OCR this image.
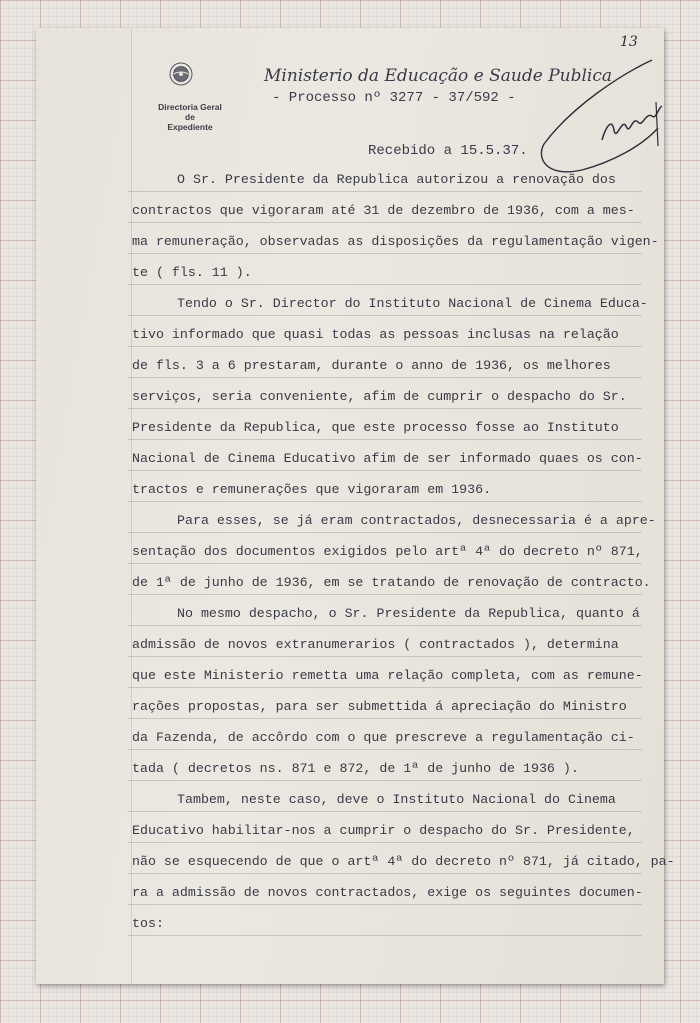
Directoria Geral
de
Expediente
Ministerio da Educação e Saude Publica
- Processo nº 3277 - 37/592 -
13
Recebido a 15.5.37.
O Sr. Presidente da Republica autorizou a renovação dos
contractos que vigoraram até 31 de dezembro de 1936, com a mes-
ma remuneração, observadas as disposições da regulamentação vigen-
te ( fls. 11 ).
Tendo o Sr. Director do Instituto Nacional de Cinema Educa-
tivo informado que quasi todas as pessoas inclusas na relação
de fls. 3 a 6 prestaram, durante o anno de 1936, os melhores
serviços, seria conveniente, afim de cumprir o despacho do Sr.
Presidente da Republica, que este processo fosse ao Instituto
Nacional de Cinema Educativo afim de ser informado quaes os con-
tractos e remunerações que vigoraram em 1936.
Para esses, se já eram contractados, desnecessaria é a apre-
sentação dos documentos exigidos pelo artª 4ª do decreto nº 871,
de 1ª de junho de 1936, em se tratando de renovação de contracto.
No mesmo despacho, o Sr. Presidente da Republica, quanto á
admissão de novos extranumerarios ( contractados ), determina
que este Ministerio remetta uma relação completa, com as remune-
rações propostas, para ser submettida á apreciação do Ministro
da Fazenda, de accôrdo com o que prescreve a regulamentação ci-
tada ( decretos ns. 871 e 872, de 1ª de junho de 1936 ).
Tambem, neste caso, deve o Instituto Nacional do Cinema
Educativo habilitar-nos a cumprir o despacho do Sr. Presidente,
não se esquecendo de que o artª 4ª do decreto nº 871, já citado, pa-
ra a admissão de novos contractados, exige os seguintes documen-
tos:
